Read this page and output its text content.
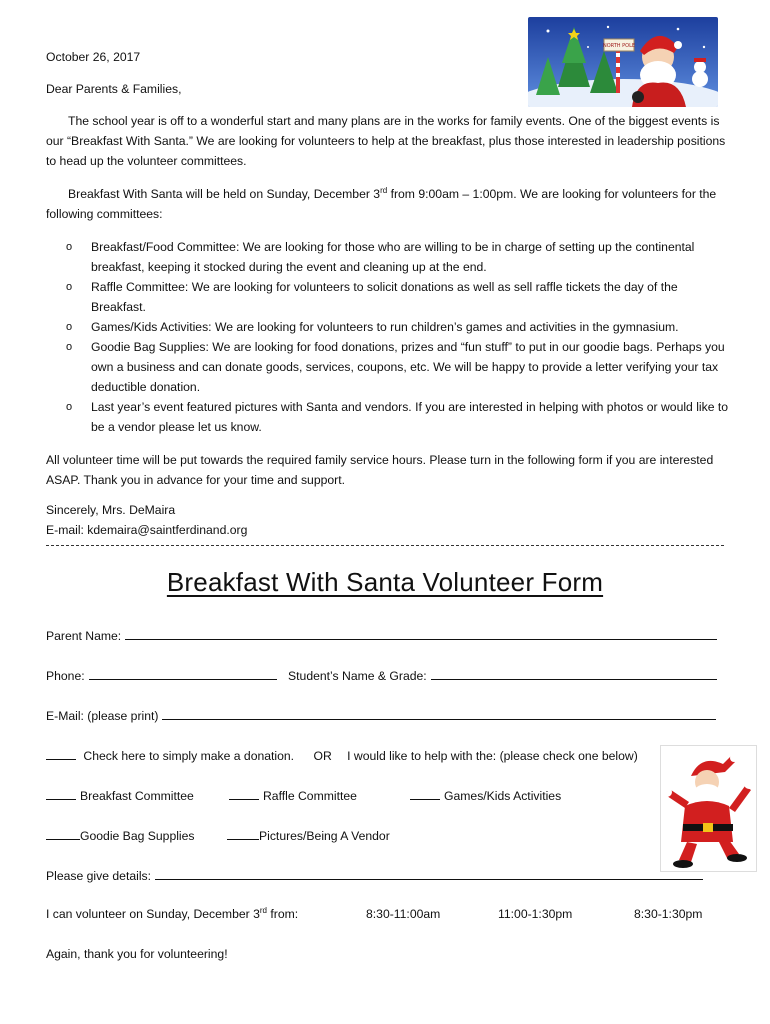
NORTH POLE
October 26, 2017
Dear Parents & Families,
The school year is off to a wonderful start and many plans are in the works for family events. One of the biggest events is our “Breakfast With Santa.” We are looking for volunteers to help at the breakfast, plus those interested in leadership positions to head up the volunteer committees.
Breakfast With Santa will be held on Sunday, December 3rd from 9:00am – 1:00pm. We are looking for volunteers for the following committees:
o	Breakfast/Food Committee: We are looking for those who are willing to be in charge of setting up the continental breakfast, keeping it stocked during the event and cleaning up at the end.
o	Raffle Committee: We are looking for volunteers to solicit donations as well as sell raffle tickets the day of the Breakfast.
o	Games/Kids Activities: We are looking for volunteers to run children’s games and activities in the gymnasium.
o	Goodie Bag Supplies: We are looking for food donations, prizes and “fun stuff” to put in our goodie bags. Perhaps you own a business and can donate goods, services, coupons, etc. We will be happy to provide a letter verifying your tax deductible donation.
o	Last year’s event featured pictures with Santa and vendors. If you are interested in helping with photos or would like to be a vendor please let us know.
All volunteer time will be put towards the required family service hours. Please turn in the following form if you are interested ASAP. Thank you in advance for your time and support.
Sincerely, Mrs. DeMaira
E-mail: kdemaira@saintferdinand.org
Breakfast With Santa Volunteer Form
Parent Name:
Phone:	Student’s Name & Grade:
E-Mail: (please print)
Check here to simply make a donation. OR I would like to help with the: (please check one below)
Breakfast Committee	Raffle Committee	Games/Kids Activities
Goodie Bag Supplies	Pictures/Being A Vendor
Please give details:
I can volunteer on Sunday, December 3rd from:	8:30-11:00am	11:00-1:30pm	8:30-1:30pm
Again, thank you for volunteering!
